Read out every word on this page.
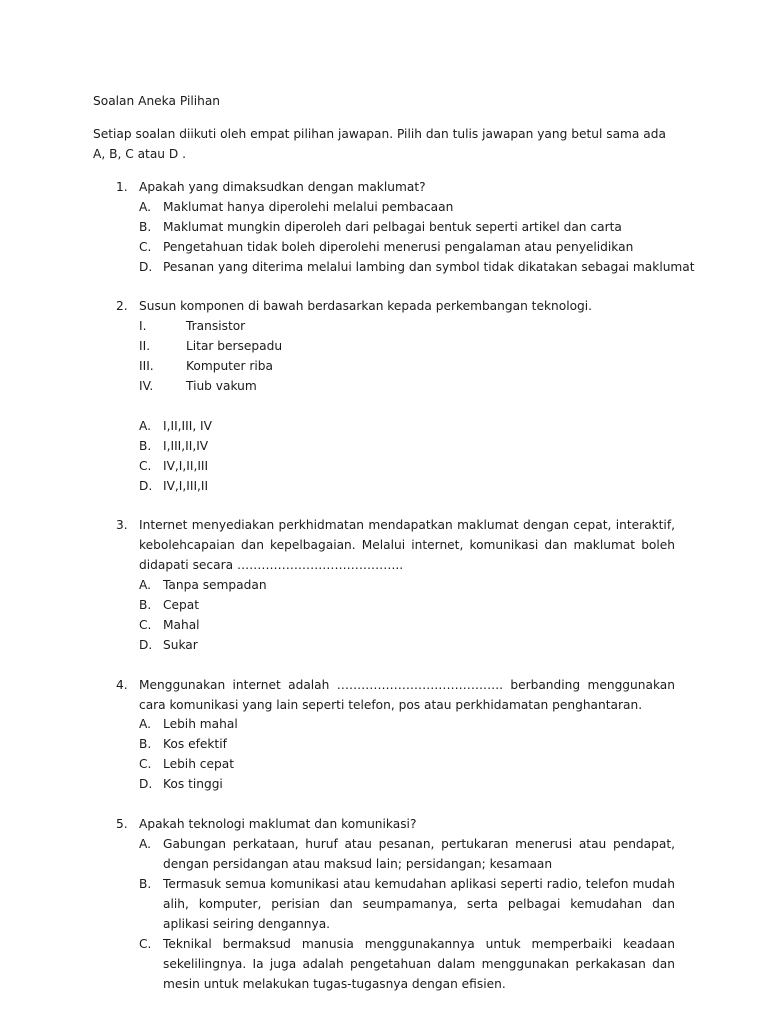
Soalan Aneka Pilihan
Setiap soalan diikuti oleh empat pilihan jawapan. Pilih dan tulis jawapan yang betul sama ada A, B, C atau D .
1. Apakah yang dimaksudkan dengan maklumat?
A. Maklumat hanya diperolehi melalui pembacaan
B. Maklumat mungkin diperoleh dari pelbagai bentuk seperti artikel dan carta
C. Pengetahuan tidak boleh diperolehi menerusi pengalaman atau penyelidikan
D. Pesanan yang diterima melalui lambing dan symbol tidak dikatakan sebagai maklumat
2. Susun komponen di bawah berdasarkan kepada perkembangan teknologi.
I.	Transistor
II.	Litar bersepadu
III.	Komputer riba
IV.	Tiub vakum
A. I,II,III, IV
B. I,III,II,IV
C. IV,I,II,III
D. IV,I,III,II
3. Internet menyediakan perkhidmatan mendapatkan maklumat dengan cepat, interaktif, kebolehcapaian dan kepelbagaian. Melalui internet, komunikasi dan maklumat boleh didapati secara …………………………………..
A. Tanpa sempadan
B. Cepat
C. Mahal
D. Sukar
4. Menggunakan internet adalah ………………………………….. berbanding menggunakan cara komunikasi yang lain seperti telefon, pos atau perkhidamatan penghantaran.
A. Lebih mahal
B. Kos efektif
C. Lebih cepat
D. Kos tinggi
5. Apakah teknologi maklumat dan komunikasi?
A. Gabungan perkataan, huruf atau pesanan, pertukaran menerusi atau pendapat, dengan persidangan atau maksud lain; persidangan; kesamaan
B. Termasuk semua komunikasi atau kemudahan aplikasi seperti radio, telefon mudah alih, komputer, perisian dan seumpamanya, serta pelbagai kemudahan dan aplikasi seiring dengannya.
C. Teknikal bermaksud manusia menggunakannya untuk memperbaiki keadaan sekelilingnya. Ia juga adalah pengetahuan dalam menggunakan perkakasan dan mesin untuk melakukan tugas-tugasnya dengan efisien.
